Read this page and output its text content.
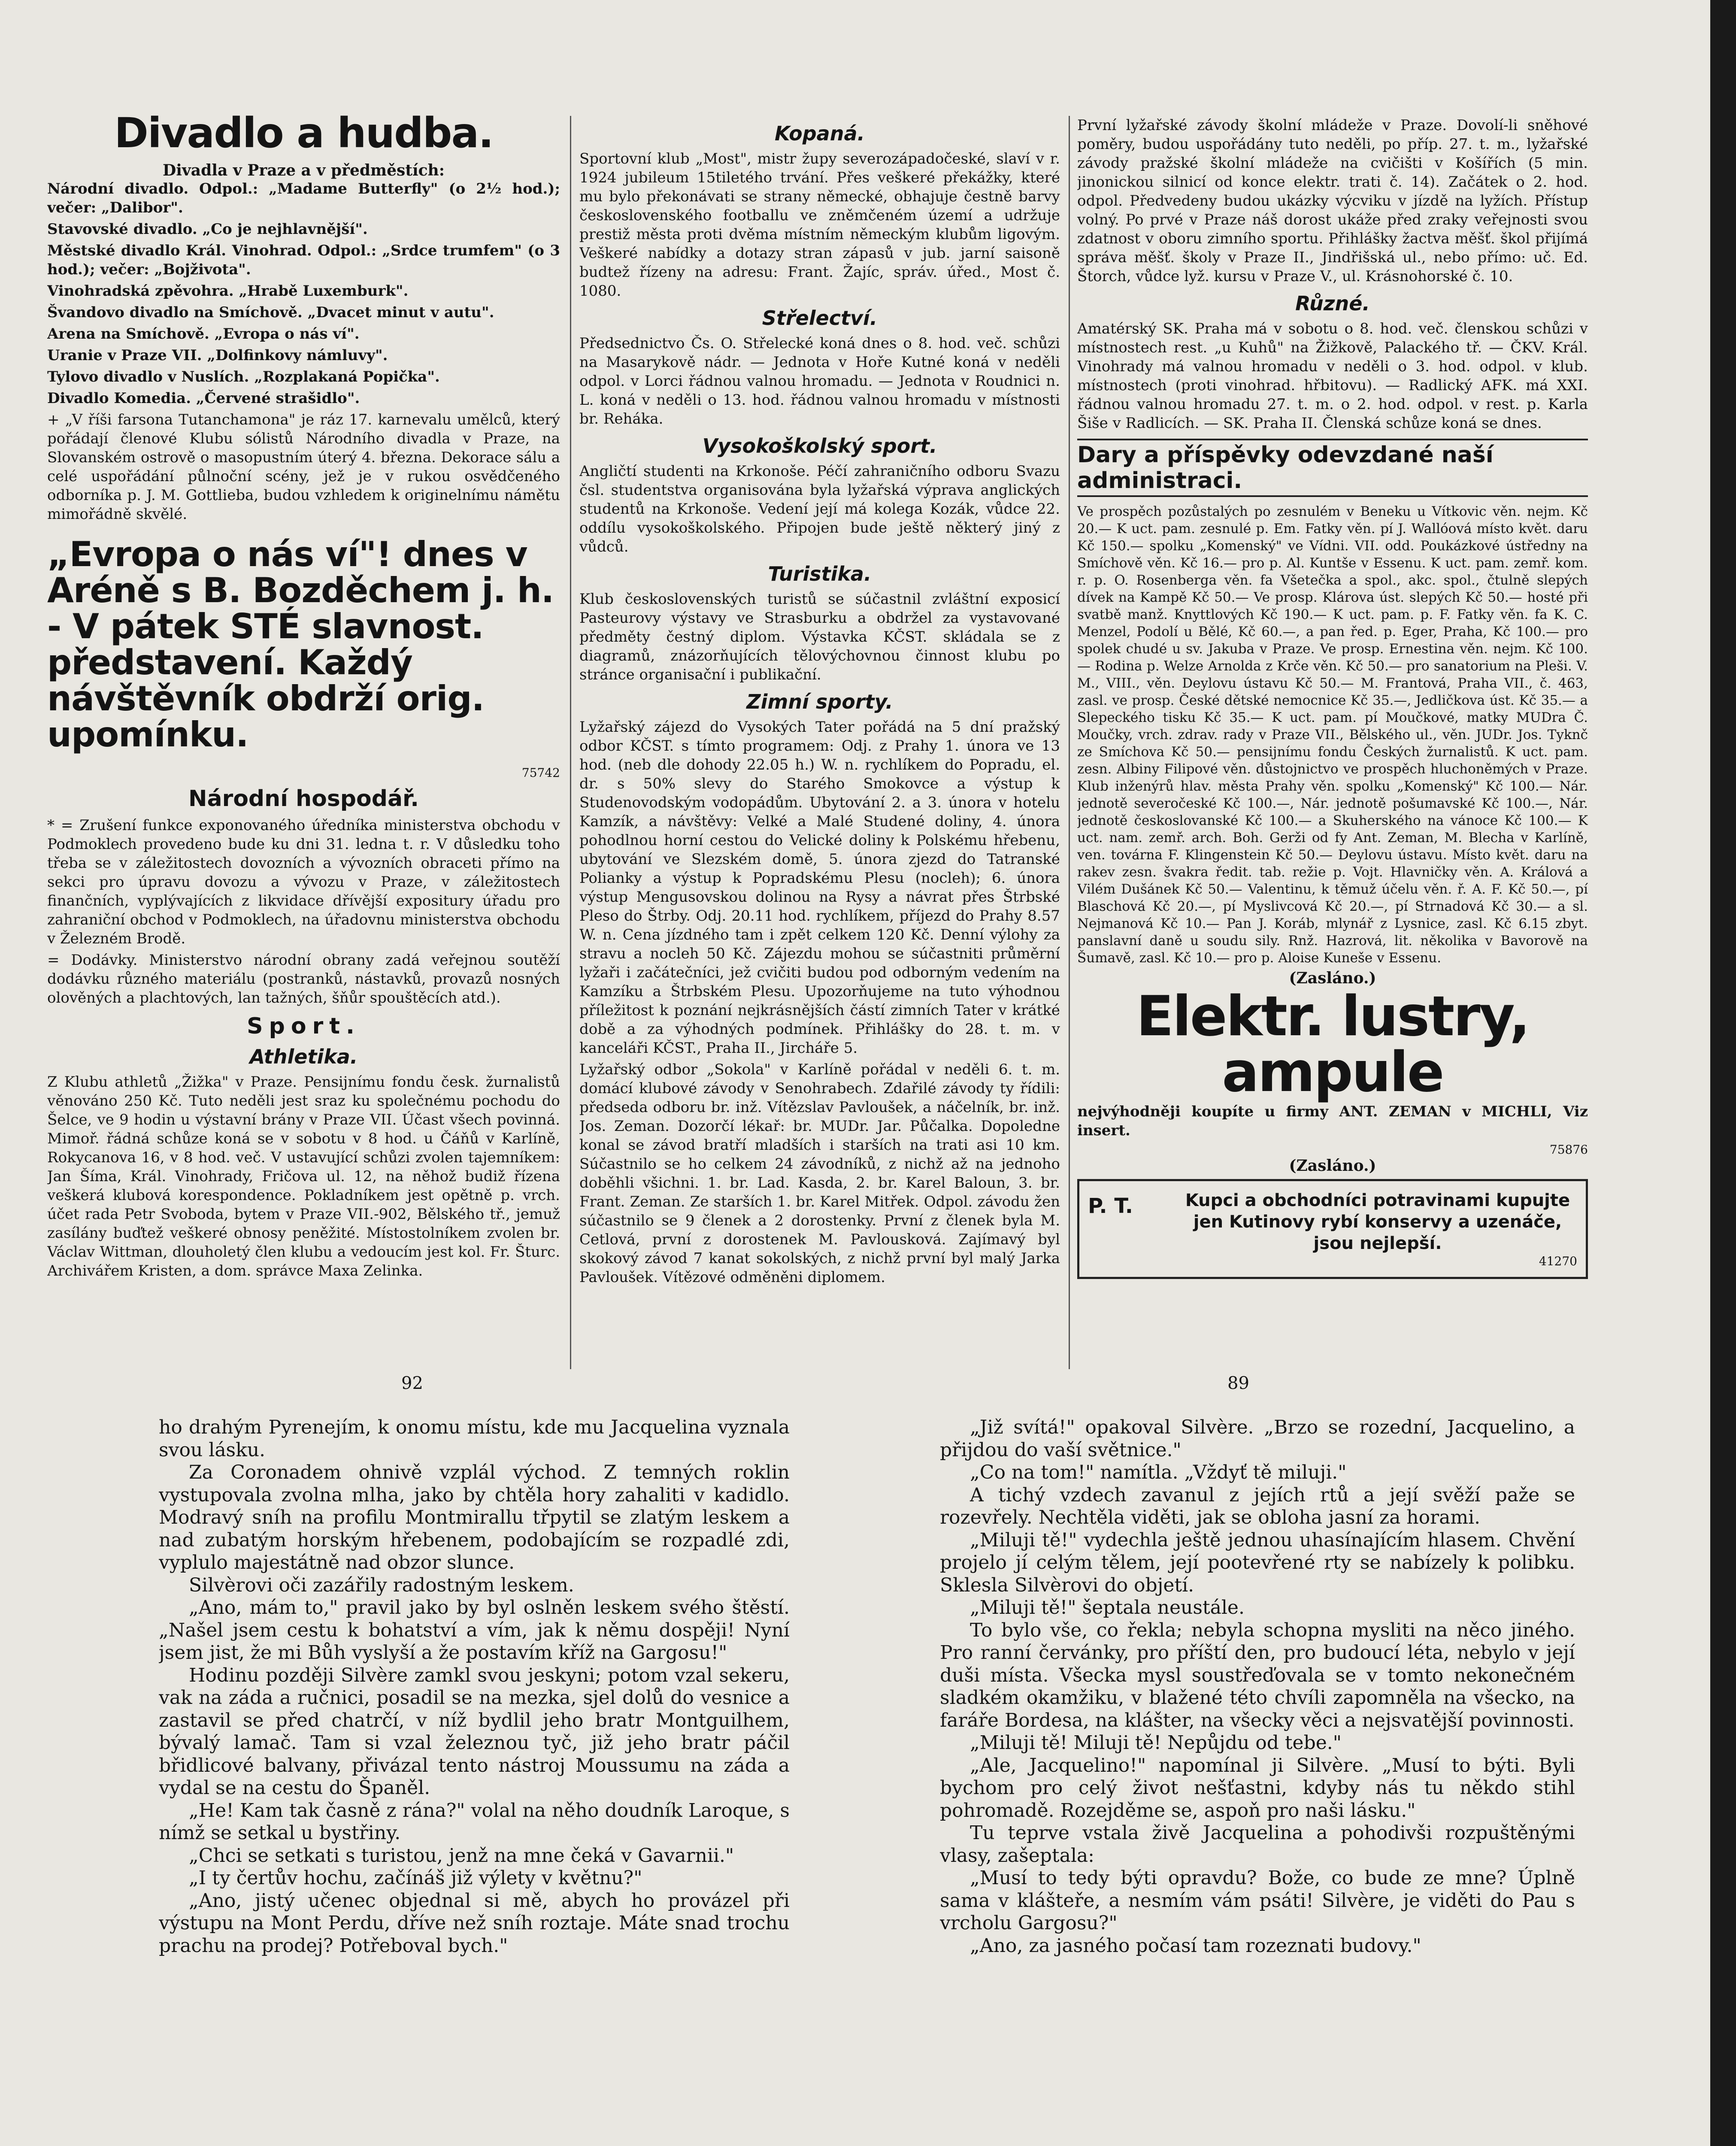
Divadlo a hudba.
Divadla v Praze a v předměstích:

Národní divadlo. Odpol.: „Madame Butterfly" (o 2½ hod.); večer: „Dalibor".

Stavovské divadlo. „Co je nejhlavnější".

Městské divadlo Král. Vinohrad. Odpol.: „Srdce trumfem" (o 3 hod.); večer: „Bojživota".

Vinohradská zpěvohra. „Hrabě Luxemburk".

Švandovo divadlo na Smíchově. „Dvacet minut v autu".

Arena na Smíchově. „Evropa o nás ví".

Uranie v Praze VII. „Dolfinkovy námluvy".

Tylovo divadlo v Nuslích. „Rozplakaná Popička".

Divadlo Komedia. „Červené strašidlo".

+ „V říši farsona Tutanchamona" je ráz 17. karnevalu umělců, který pořádají členové Klubu sólistů Národního divadla v Praze, na Slovanském ostrově o masopustním úterý 4. března. Dekorace sálu a celé uspořádání půlnoční scény, jež je v rukou osvědčeného odborníka p. J. M. Gottliebа, budou vzhledem k originelnímu námětu mimořádně skvělé.

„Evropa o nás ví"! dnes v Aréně s B. Bozděchem j. h. - V pátek STÉ slavnost. představení. Každý návštěvník obdrží orig. upomínku.
75742
Národní hospodář.

* = Zrušení funkce exponovaného úředníka ministerstva obchodu v Podmoklech provedeno bude ku dni 31. ledna t. r. V důsledku toho třeba se v záležitostech dovozních a vývozních obraceti přímo na sekci pro úpravu dovozu a vývozu v Praze, v záležitostech finančních, vyplývajících z likvidace dřívější expositury úřadu pro zahraniční obchod v Podmoklech, na úřadovnu ministerstva obchodu v Železném Brodě.

= Dodávky. Ministerstvo národní obrany zadá veřejnou soutěží dodávku různého materiálu (postranků, nástavků, provazů nosných olověných a plachtových, lan tažných, šňůr spouštěcích atd.).

Sport.
Athletika.

Z Klubu athletů „Žižka" v Praze. Pensijnímu fondu česk. žurnalistů věnováno 250 Kč. Tuto neděli jest sraz ku společnému pochodu do Šelce, ve 9 hodin u výstavní brány v Praze VII. Účast všech povinná. Mimoř. řádná schůze koná se v sobotu v 8 hod. u Čáňů v Karlíně, Rokycanova 16, v 8 hod. več. V ustavující schůzi zvolen tajemníkem: Jan Šíma, Král. Vinohrady, Fričova ul. 12, na něhož budiž řízena veškerá klubová korespondence. Pokladníkem jest opětně p. vrch. účet rada Petr Svoboda, bytem v Praze VII.-902, Bělského tř., jemuž zasílány buďtež veškeré obnosy peněžité. Místostolníkem zvolen br. Václav Wittman, dlouholetý člen klubu a vedoucím jest kol. Fr. Šturc. Archivářem Kristen, a dom. správce Maxa Zelinka.

Kopaná.

Sportovní klub „Most", mistr župy severozápadočeské, slaví v r. 1924 jubileum 15tiletého trvání. Přes veškeré překážky, které mu bylo překonávati se strany německé, obhajuje čestně barvy československého footballu ve zněmčeném území a udržuje prestiž města proti dvěma místním německým klubům ligovým. Veškeré nabídky a dotazy stran zápasů v jub. jarní saisoně budtež řízeny na adresu: Frant. Žajíc, správ. úřed., Most č. 1080.

Střelectví.

Předsednictvo Čs. O. Střelecké koná dnes o 8. hod. več. schůzi na Masarykově nádr. — Jednota v Hoře Kutné koná v neděli odpol. v Lorci řádnou valnou hromadu. — Jednota v Roudnici n. L. koná v neděli o 13. hod. řádnou valnou hromadu v místnosti br. Reháka.

Vysokoškolský sport.

Angličtí studenti na Krkonoše. Péčí zahraničního odboru Svazu čsl. studentstva organisována byla lyžařská výprava anglických studentů na Krkonoše. Vedení její má kolega Kozák, vůdce 22. oddílu vysokoškolského. Připojen bude ještě některý jiný z vůdců.

Turistika.

Klub československých turistů se súčastnil zvláštní exposicí Pasteurovy výstavy ve Strasburku a obdržel za vystavované předměty čestný diplom. Výstavka KČST. skládala se z diagramů, znázorňujících tělovýchovnou činnost klubu po stránce organisační i publikační.

Zimní sporty.

Lyžařský zájezd do Vysokých Tater pořádá na 5 dní pražský odbor KČST. s tímto programem: Odj. z Prahy 1. února ve 13 hod. (neb dle dohody 22.05 h.) W. n. rychlíkem do Popradu, el. dr. s 50% slevy do Starého Smokovce a výstup k Studenovodským vodopádům. Ubytování 2. a 3. února v hotelu Kamzík, a návštěvy: Velké a Malé Studené doliny, 4. února pohodlnou horní cestou do Velické doliny k Polskému hřebenu, ubytování ve Slezském domě, 5. února zjezd do Tatranské Polianky a výstup k Popradskému Plesu (nocleh); 6. února výstup Mengusovskou dolinou na Rysy a návrat přes Štrbské Pleso do Štrby. Odj. 20.11 hod. rychlíkem, příjezd do Prahy 8.57 W. n. Cena jízdného tam i zpět celkem 120 Kč. Denní výlohy za stravu a nocleh 50 Kč. Zájezdu mohou se súčastniti průměrní lyžaři i začátečníci, jež cvičiti budou pod odborným vedením na Kamzíku a Štrbském Plesu. Upozorňujeme na tuto výhodnou příležitost k poznání nejkrásnějších částí zimních Tater v krátké době a za výhodných podmínek. Přihlášky do 28. t. m. v kanceláři KČST., Praha II., Jircháře 5.

Lyžařský odbor „Sokola" v Karlíně pořádal v neděli 6. t. m. domácí klubové závody v Senohrabech. Zdařilé závody ty řídili: předseda odboru br. inž. Vítězslav Pavloušek, a náčelník, br. inž. Jos. Zeman. Dozorčí lékař: br. MUDr. Jar. Půčalka. Dopoledne konal se závod bratří mladších i starších na trati asi 10 km. Súčastnilo se ho celkem 24 závodníků, z nichž až na jednoho doběhli všichni. 1. br. Lad. Kasda, 2. br. Karel Baloun, 3. br. Frant. Zeman. Ze starších 1. br. Karel Mitřek. Odpol. závodu žen súčastnilo se 9 členek a 2 dorostenky. První z členek byla M. Cetlová, první z dorostenek M. Pavlousková. Zajímavý byl skokový závod 7 kanat sokolských, z nichž první byl malý Jarka Pavloušek. Vítězové odměněni diplomem.

První lyžařské závody školní mládeže v Praze. Dovolí-li sněhové poměry, budou uspořádány tuto neděli, po příp. 27. t. m., lyžařské závody pražské školní mládeže na cvičišti v Košířích (5 min. jinonickou silnicí od konce elektr. trati č. 14). Začátek o 2. hod. odpol. Předvedeny budou ukázky výcviku v jízdě na lyžích. Přístup volný. Po prvé v Praze náš dorost ukáže před zraky veřejnosti svou zdatnost v oboru zimního sportu. Přihlášky žactva měšť. škol přijímá správa měšť. školy v Praze II., Jindřišská ul., nebo přímo: uč. Ed. Štorch, vůdce lyž. kursu v Praze V., ul. Krásnohorské č. 10.

Různé.

Amatérský SK. Praha má v sobotu o 8. hod. več. členskou schůzi v místnostech rest. „u Kuhů" na Žižkově, Palackého tř. — ČKV. Král. Vinohrady má valnou hromadu v neděli o 3. hod. odpol. v klub. místnostech (proti vinohrad. hřbitovu). — Radlický AFK. má XXI. řádnou valnou hromadu 27. t. m. o 2. hod. odpol. v rest. p. Karla Šiše v Radlicích. — SK. Praha II. Členská schůze koná se dnes.

Dary a příspěvky odevzdané naší administraci.

Ve prospěch pozůstalých po zesnulém v Beneku u Vítkovic věn. nejm. Kč 20.— K uct. pam. zesnulé p. Em. Fatky věn. pí J. Wallóová místo květ. daru Kč 150.— spolku „Komenský" ve Vídni. VII. odd. Poukázkové ústředny na Smíchově věn. Kč 16.— pro p. Al. Kuntše v Essenu. K uct. pam. zemř. kom. r. p. O. Rosenberga věn. fa Všetečka a spol., akc. spol., čtulně slepých dívek na Kampě Kč 50.— Ve prosp. Klárova úst. slepých Kč 50.— hosté při svatbě manž. Knyttlových Kč 190.— K uct. pam. p. F. Fatky věn. fa K. C. Menzel, Podolí u Bělé, Kč 60.—, a pan řed. p. Eger, Praha, Kč 100.— pro spolek chudé u sv. Jakuba v Praze. Ve prosp. Ernestina věn. nejm. Kč 100.— Rodina p. Welze Arnolda z Krče věn. Kč 50.— pro sanatorium na Pleši. V. M., VIII., věn. Deylovu ústavu Kč 50.— M. Frantová, Praha VII., č. 463, zasl. ve prosp. České dětské nemocnice Kč 35.—, Jedličkova úst. Kč 35.— a Slepeckého tisku Kč 35.— K uct. pam. pí Moučkové, matky MUDra Č. Moučky, vrch. zdrav. rady v Praze VII., Bělského ul., věn. JUDr. Jos. Tyknč ze Smíchova Kč 50.— pensijnímu fondu Českých žurnalistů. K uct. pam. zesn. Albiny Filipové věn. důstojnictvo ve prospěch hluchoněmých v Praze. Klub inženýrů hlav. města Prahy věn. spolku „Komenský" Kč 100.— Nár. jednotě severočeské Kč 100.—, Nár. jednotě pošumavské Kč 100.—, Nár. jednotě českoslovanské Kč 100.— a Skuherského na vánoce Kč 100.— K uct. nam. zemř. arch. Boh. Gerži od fy Ant. Zeman, M. Blecha v Karlíně, ven. továrna F. Klingenstein Kč 50.— Deylovu ústavu. Místo květ. daru na rakev zesn. švakra ředit. tab. režie p. Vojt. Hlavničky věn. A. Králová a Vilém Dušánek Kč 50.— Valentinu, k těmuž účelu věn. ř. A. F. Kč 50.—, pí Blaschová Kč 20.—, pí Myslivcová Kč 20.—, pí Strnadová Kč 30.— a sl. Nejmanová Kč 10.— Pan J. Koráb, mlynář z Lysnice, zasl. Kč 6.15 zbyt. panslavní daně u soudu sily. Rnž. Hazrová, lit. několika v Bavorově na Šumavě, zasl. Kč 10.— pro p. Aloise Kuneše v Essenu.

(Zasláno.)
Elektr. lustry, ampule

nejvýhodněji koupíte u firmy ANT. ZEMAN v MICHLI, Viz insert.

75876
(Zasláno.)
P. T.	Kupci a obchodníci potravinami kupujte jen Kutinovy rybí konservy a uzenáče, jsou nejlepší.
41270
92	89

ho drahým Pyrenejím, k onomu místu, kde mu Jacquelina vyznala svou lásku.

Za Coronadem ohnivě vzplál východ. Z temných roklin vystupovala zvolna mlha, jako by chtěla hory zahaliti v kadidlo. Modravý sníh na profilu Montmirallu třpytil se zlatým leskem a nad zubatým horským hřebenem, podobajícím se rozpadlé zdi, vyplulo majestátně nad obzor slunce.

Silvèrovi oči zazářily radostným leskem.

„Ano, mám to," pravil jako by byl oslněn leskem svého štěstí. „Našel jsem cestu k bohatství a vím, jak k němu dospěji! Nyní jsem jist, že mi Bůh vyslyší a že postavím kříž na Gargosu!"

Hodinu později Silvère zamkl svou jeskyni; potom vzal sekeru, vak na záda a ručnici, posadil se na mezka, sjel dolů do vesnice a zastavil se před chatrčí, v níž bydlil jeho bratr Montguilhem, bývalý lamač. Tam si vzal železnou tyč, již jeho bratr páčil břidlicové balvany, přivázal tento nástroj Moussumu na záda a vydal se na cestu do Španěl.

„He! Kam tak časně z rána?" volal na něho doudník Laroque, s nímž se setkal u bystřiny.

„Chci se setkati s turistou, jenž na mne čeká v Gavarnii."

„I ty čertův hochu, začínáš již výlety v květnu?"

„Ano, jistý učenec objednal si mě, abych ho provázel při výstupu na Mont Perdu, dříve než sníh roztaje. Máte snad trochu prachu na prodej? Potřeboval bych."

„Již svítá!" opakoval Silvère. „Brzo se rozední, Jacquelino, a přijdou do vaší světnice."

„Co na tom!" namítla. „Vždyť tě miluji."

A tichý vzdech zavanul z jejích rtů a její svěží paže se rozevřely. Nechtěla viděti, jak se obloha jasní za horami.

„Miluji tě!" vydechla ještě jednou uhasínajícím hlasem. Chvění projelo jí celým tělem, její pootevřené rty se nabízely k polibku. Sklesla Silvèrovi do objetí.

„Miluji tě!" šeptala neustále.

To bylo vše, co řekla; nebyla schopna mysliti na něco jiného. Pro ranní červánky, pro příští den, pro budoucí léta, nebylo v její duši místa. Všecka mysl soustřeďovala se v tomto nekonečném sladkém okamžiku, v blažené této chvíli zapomněla na všecko, na faráře Bordesa, na klášter, na všecky věci a nejsvatější povinnosti.

„Miluji tě! Miluji tě! Nepůjdu od tebe."

„Ale, Jacquelino!" napomínal ji Silvère. „Musí to býti. Byli bychom pro celý život nešťastni, kdyby nás tu někdo stihl pohromadě. Rozejděme se, aspoň pro naši lásku."

Tu teprve vstala živě Jacquelina a pohodivši rozpuštěnými vlasy, zašeptala:

„Musí to tedy býti opravdu? Bože, co bude ze mne? Úplně sama v klášteře, a nesmím vám psáti! Silvère, je viděti do Pau s vrcholu Gargosu?"

„Ano, za jasného počasí tam rozeznati budovy."
